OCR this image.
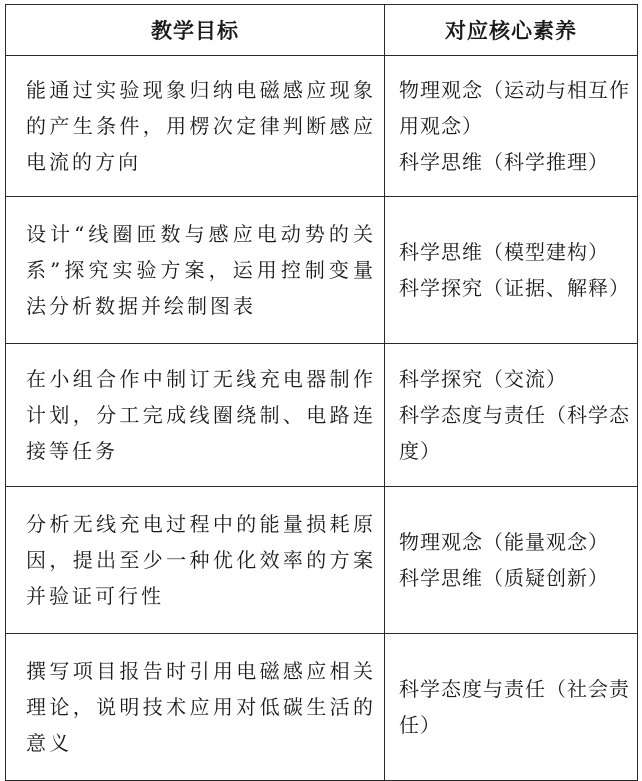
教学目标	对应核心素养

能通过实验现象归纳电磁感应现象的产生条件，用楞次定律判断感应电流的方向	物理观念（运动与相互作用观念）
科学思维（科学推理）

设计“线圈匝数与感应电动势的关系”探究实验方案，运用控制变量法分析数据并绘制图表	科学思维（模型建构）
科学探究（证据、解释）

在小组合作中制订无线充电器制作计划，分工完成线圈绕制、电路连接等任务	科学探究（交流）
科学态度与责任（科学态度）

分析无线充电过程中的能量损耗原因，提出至少一种优化效率的方案并验证可行性	物理观念（能量观念）
科学思维（质疑创新）

撰写项目报告时引用电磁感应相关理论，说明技术应用对低碳生活的意义	科学态度与责任（社会责任）
